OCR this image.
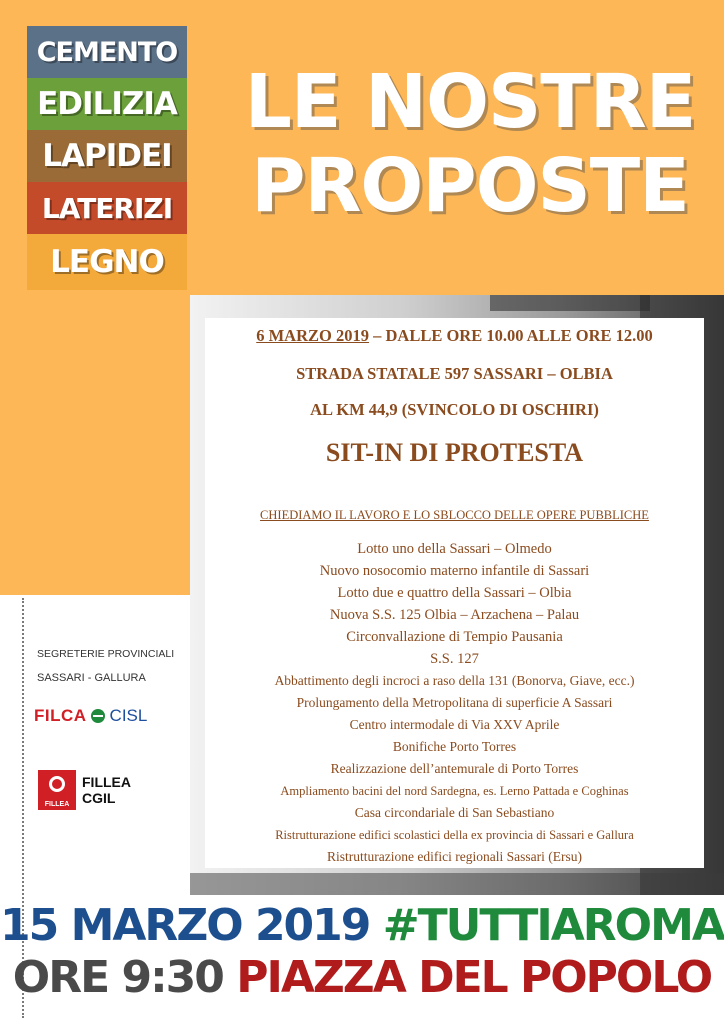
CEMENTO
EDILIZIA
LAPIDEI
LATERIZI
LEGNO
LE NOSTRE
PROPOSTE
6 MARZO 2019 – DALLE ORE 10.00 ALLE ORE 12.00
STRADA STATALE 597 SASSARI – OLBIA
AL KM 44,9 (SVINCOLO DI OSCHIRI)
SIT-IN DI PROTESTA
CHIEDIAMO IL LAVORO E LO SBLOCCO DELLE OPERE PUBBLICHE
Lotto uno della Sassari – Olmedo
Nuovo nosocomio materno infantile di Sassari
Lotto due e quattro della Sassari – Olbia
Nuova S.S. 125 Olbia – Arzachena – Palau
Circonvallazione di Tempio Pausania
S.S. 127
Abbattimento degli incroci a raso della 131 (Bonorva, Giave, ecc.)
Prolungamento della Metropolitana di superficie A Sassari
Centro intermodale di Via XXV Aprile
Bonifiche Porto Torres
Realizzazione dell’antemurale di Porto Torres
Ampliamento bacini del nord Sardegna, es. Lerno Pattada e Coghinas
Casa circondariale di San Sebastiano
Ristrutturazione edifici scolastici della ex provincia di Sassari e Gallura
Ristrutturazione edifici regionali Sassari (Ersu)
SEGRETERIE PROVINCIALI
SASSARI - GALLURA
FILCA CISL
FILLEA
FILLEA
CGIL
15 MARZO 2019 #TUTTIAROMA
ORE 9:30 PIAZZA DEL POPOLO
